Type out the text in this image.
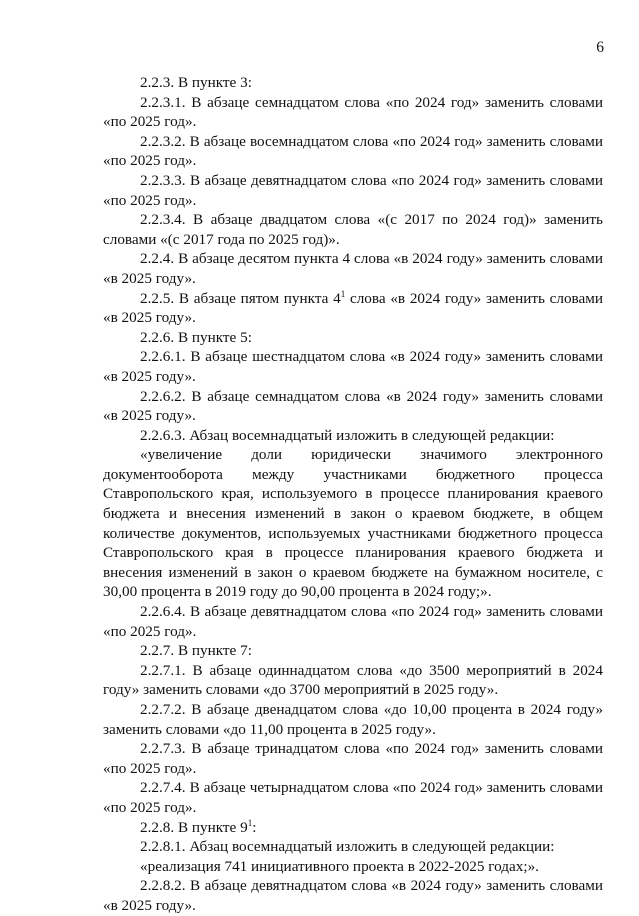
6

2.2.3. В пункте 3:

2.2.3.1. В абзаце семнадцатом слова «по 2024 год» заменить словами «по 2025 год».

2.2.3.2. В абзаце восемнадцатом слова «по 2024 год» заменить словами «по 2025 год».

2.2.3.3. В абзаце девятнадцатом слова «по 2024 год» заменить словами «по 2025 год».

2.2.3.4. В абзаце двадцатом слова «(с 2017 по 2024 год)» заменить словами «(с 2017 года по 2025 год)».

2.2.4. В абзаце десятом пункта 4 слова «в 2024 году» заменить словами «в 2025 году».

2.2.5. В абзаце пятом пункта $4^1$ слова «в 2024 году» заменить словами «в 2025 году».

2.2.6. В пункте 5:

2.2.6.1. В абзаце шестнадцатом слова «в 2024 году» заменить словами «в 2025 году».

2.2.6.2. В абзаце семнадцатом слова «в 2024 году» заменить словами «в 2025 году».

2.2.6.3. Абзац восемнадцатый изложить в следующей редакции:

«увеличение доли юридически значимого электронного документооборота между участниками бюджетного процесса Ставропольского края, используемого в процессе планирования краевого бюджета и внесения изменений в закон о краевом бюджете, в общем количестве документов, используемых участниками бюджетного процесса Ставропольского края в процессе планирования краевого бюджета и внесения изменений в закон о краевом бюджете на бумажном носителе, с 30,00 процента в 2019 году до 90,00 процента в 2024 году;».

2.2.6.4. В абзаце девятнадцатом слова «по 2024 год» заменить словами «по 2025 год».

2.2.7. В пункте 7:

2.2.7.1. В абзаце одиннадцатом слова «до 3500 мероприятий в 2024 году» заменить словами «до 3700 мероприятий в 2025 году».

2.2.7.2. В абзаце двенадцатом слова «до 10,00 процента в 2024 году» заменить словами «до 11,00 процента в 2025 году».

2.2.7.3. В абзаце тринадцатом слова «по 2024 год» заменить словами «по 2025 год».

2.2.7.4. В абзаце четырнадцатом слова «по 2024 год» заменить словами «по 2025 год».

2.2.8. В пункте $9^1$:

2.2.8.1. Абзац восемнадцатый изложить в следующей редакции:

«реализация 741 инициативного проекта в 2022-2025 годах;».

2.2.8.2. В абзаце девятнадцатом слова «в 2024 году» заменить словами «в 2025 году».
